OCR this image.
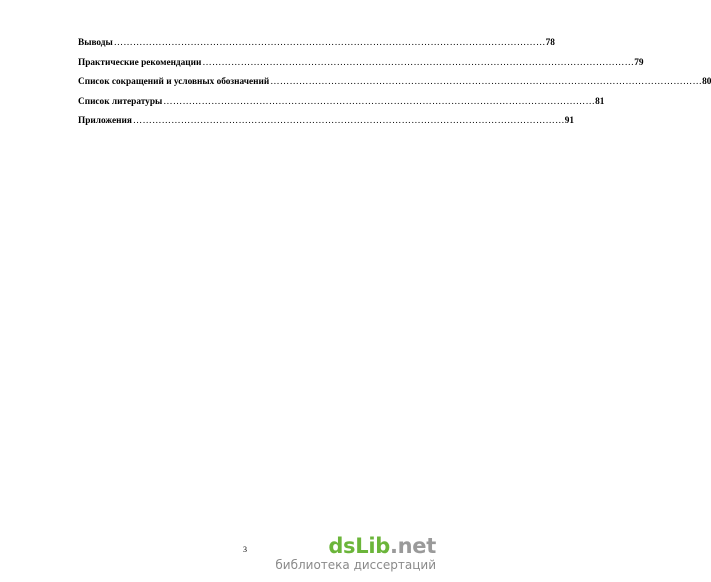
Выводы ……………………………………………………………………………………………………………………… 78
Практические рекомендации ……………………………………………………………………………………………………………………… 79
Список сокращений и условных обозначений ……………………………………………………………………………………………………………………… 80
Список литературы ……………………………………………………………………………………………………………………… 81
Приложения ……………………………………………………………………………………………………………………… 91
3	dsLib.net
библиотека диссертаций
